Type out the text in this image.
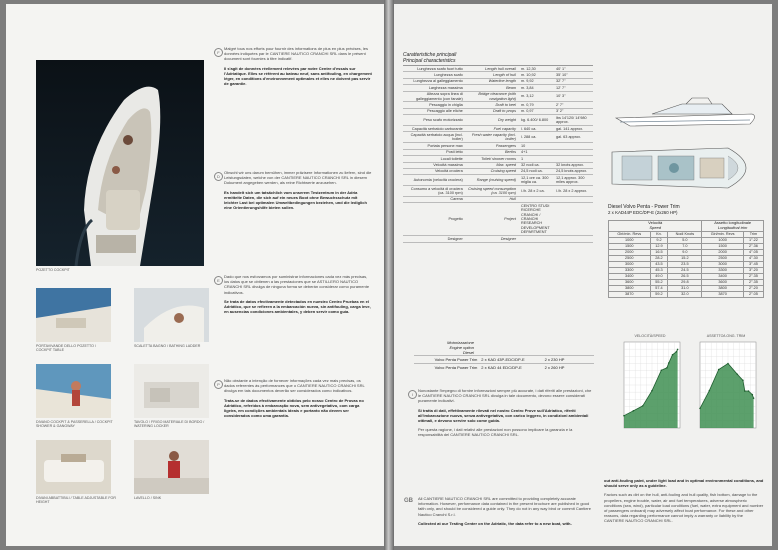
POZETTO COCKPIT
PORTAVIVANDE DELLO POZETTO / COCKPIT TABLE
SCALETTA BAGNO / BATHING LADDER
DIVANO COCKPIT & PASSERELLA / COCKPIT SHOWER & GANGWAY
TAVOLO / FRIGO MATERIALE DI BORDO / WATERING LOCKER
DIVANI ABBATTIBILI / TABLE ADJUSTABLE FOR HEIGHT
LAVELLO / SINK
F

Malgré tous nos efforts pour fournir des informations de plus en plus précises, les données indiquées par le CANTIERE NAUTICO CRANCHI SRL dans le présent document sont fournies à titre indicatif.

Il s'agit de données réellement relevées par notre Centre d'essais sur l'Adriatique. Elles se réfèrent au bateau neuf, sans antifouling, en chargement léger, en conditions d'environnement optimales et elles ne doivent pas servir de garantie.

D

Obwohl wir uns darum bemühen, immer präzisere Informationen zu liefern, sind die Leistungsdaten, welche von der CANTIERE NAUTICO CRANCHI SRL in diesem Dokument angegeben werden, als reine Richtwerte anzusehen.

Es handelt sich um tatsächlich vom unserem Testzentrum in der Adria ermittelte Daten, die sich auf ein neues Boot ohne Bewuchsschutz mit leichter Last bei optimalen Umweltbedingungen beziehen, und die lediglich eine Orientierungshilfe bieten sollen.

E

Dado que nos esforzamos por suministrar informaciones cada vez más precisas, los datos que se obtienen a las prestaciones que se ASTILLERO NAUTICO CRANCHI SRL divulga de ninguna forma se deberán considerar como puramente indicativos.

Se trata de datos efectivamente detectados en nuestro Centro Pruebas en el Adriático, que se refieren a la embarcación nueva, sin antifouling, carga leve, en ausencias condiciones ambientales, y deben servir como guía.

P

Não obstante a intenção de fornecer informações cada vez mais precisas, os dados referentes às performances que o CANTIERE NAUTICO CRANCHI SRL divulga em tais documentos deverão ser considerados como indicativos.

Trata-se de dados efectivamente obtidos pelo nosso Centro de Provas no Adriático, referidos à embarcação nova, sem antivegetativo, com carga ligeira, em condições ambientais ideais e portanto não devem ser considerados como uma garantia.

Caratteristiche principali
Principal characteristics
Lunghezza scafo fuori tutto	Length hull overall	m. 12,30	40' 1"
Lunghezza scafo	Length of hull	m. 10,92	35' 10"
Lunghezza al galleggiamento	Waterline length	m. 9,92	32' 7"
Larghezza massima	Beam	m. 3,84	12' 7"
Altezza sopra linea di galleggiamento (con fanale)	Bridge clearance (with navigation light)	m. 3,12	10' 3"
Pescaggio in chiglia	Draft to keel	m. 0,79	2' 7"
Pescaggio alle eliche	Draft to props	m. 0,97	3' 2"
Peso scafo motorizzato	Dry weight	kg. 6.400/ 6.800	lbs 14'120/ 14'980 approx.
Capacità serbatoio carburante	Fuel capacity	l. 640 ca.	gal. 141 approx.
Capacità serbatoio acqua (incl. boiler)	Fresh water capacity (incl. boiler)	l. 288 ca.	gal. 63 approx.
Portata persone max	Passengers	10	
Posti letto	Berths	4+1	
Locali toilette	Toilet/ shower rooms	1	
Velocità massima	Max. speed	32 nodi ca.	32 knots approx.
Velocità crociera	Cruising speed	24,5 nodi ca.	24,5 knots approx.
Autonomia (velocità crociera)	Range (cruising speed)	12,1 ore ca. 300 miglia ca.	12,1 approx. 300 miles approx.
Consumo a velocità di crociera (ca. 3100 rpm)	Cruising speed consumption (ca. 3100 rpm)	l./h. 28 x 2 ca.	l./h. 28 x 2 approx.
Carena	Hull		
Progetto	Project	CENTRO STUDI RICERCHE CRANCHI / CRANCHI RESEARCH DEVELOPMENT DEPARTMENT	
Designer	Designer		
Motorizzazione
Engine option
Diesel
Volvo Penta Power Trim	2 x KAD 43P-EDC/DP-E	2 x 230 HP
Volvo Penta Power Trim	2 x KAD 44 EDC/DP-E	2 x 260 HP
Diesel Volvo Penta - Power Trim
2 x KAD44P EDC/DP-E (2x260 HP)
Velocità
Speed			Assetto longitudinale
Longitudinal trim	
Giri/min. Revs	Kn.	Nodi Knots	Giri/min. Revs	Trim
1000	9.2	5.0	1000	1°.22
1500	12.9	7.0	1500	2°.36
2000	16.5	9.0	2000	4°.05
2500	28.2	15.2	2500	4°.30
3000	43.5	23.5	3000	3°.45
3300	45.3	24.5	3300	3°.20
3400	49.0	26.5	3400	2°.35
3600	55.2	29.8	3600	2°.35
3800	57.4	31.0	3800	2°.20
3870	59.2	32.0	3870	2°.05
VELOCITÀ/SPEED	ASSETTO/LONG. TRIM
I

Nonostante l'impegno di fornire informazioni sempre più accurate, i dati riferiti alle prestazioni, che le CANTIERE NAUTICO CRANCHI SRL divulga in tale documento, devono essere considerati puramente indicativi.

Si tratta di dati, effettivamente rilevati nel nostro Centro Prove sull'Adriatico, riferiti all'imbarcazione nuova, senza antivegetativa, con carico leggero, in condizioni ambientali ottimali, e devono servire solo come guida.

Per questa ragione, i dati relativi alle prestazioni non possono implicare la garanzia e la responsabilità del CANTIERE NAUTICO CRANCHI SRL.

GB All CANTIERE NAUTICO CRANCHI SRL are committed to providing completely accurate information. However, performance data contained in the present brochure are published in good faith only, and should be considered a guide only. They do not in any way bind or commit Cantiere Nautico Cranchi S.r.l.

Collected at our Testing Center on the Adriatic, the data refer to a new boat, with-

out anti-fouling paint, under light load and in optimal environmental conditions, and should serve only as a guideline.

Factors such as dirt on the hull, anti-fouling and hull quality, fish bottom, damage to the propellers, engine trouble, water, air and fuel temperatures, adverse atmospheric conditions (sea, wind), particular load conditions (fuel, water, extra equipment and number of passengers onboard) may adversely affect boat performance. For these and other reasons, data regarding performance cannot imply a warranty or liability by the CANTIERE NAUTICO CRANCHI SRL.
